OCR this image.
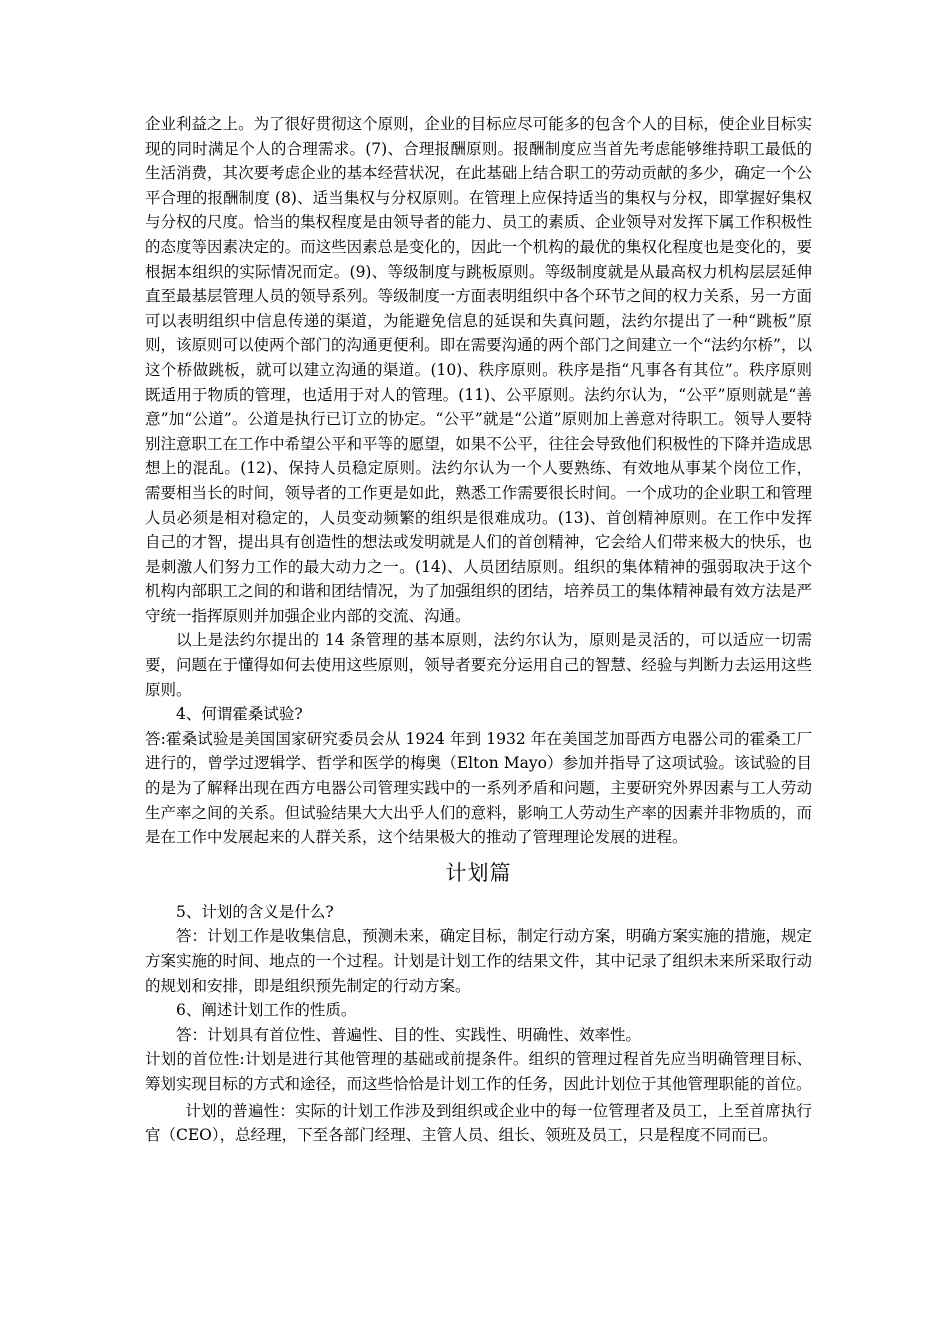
企业利益之上。为了很好贯彻这个原则，企业的目标应尽可能多的包含个人的目标，使企业目标实现的同时满足个人的合理需求。(7)、合理报酬原则。报酬制度应当首先考虑能够维持职工最低的生活消费，其次要考虑企业的基本经营状况，在此基础上结合职工的劳动贡献的多少，确定一个公平合理的报酬制度 (8)、适当集权与分权原则。在管理上应保持适当的集权与分权，即掌握好集权与分权的尺度。恰当的集权程度是由领导者的能力、员工的素质、企业领导对发挥下属工作积极性的态度等因素决定的。而这些因素总是变化的，因此一个机构的最优的集权化程度也是变化的，要根据本组织的实际情况而定。(9)、等级制度与跳板原则。等级制度就是从最高权力机构层层延伸直至最基层管理人员的领导系列。等级制度一方面表明组织中各个环节之间的权力关系，另一方面可以表明组织中信息传递的渠道，为能避免信息的延误和失真问题，法约尔提出了一种“跳板”原则，该原则可以使两个部门的沟通更便利。即在需要沟通的两个部门之间建立一个“法约尔桥”，以这个桥做跳板，就可以建立沟通的渠道。(10)、秩序原则。秩序是指“凡事各有其位”。秩序原则既适用于物质的管理，也适用于对人的管理。(11)、公平原则。法约尔认为，“公平”原则就是“善意”加“公道”。公道是执行已订立的协定。“公平”就是“公道”原则加上善意对待职工。领导人要特别注意职工在工作中希望公平和平等的愿望，如果不公平，往往会导致他们积极性的下降并造成思想上的混乱。(12)、保持人员稳定原则。法约尔认为一个人要熟练、有效地从事某个岗位工作，需要相当长的时间，领导者的工作更是如此，熟悉工作需要很长时间。一个成功的企业职工和管理人员必须是相对稳定的，人员变动频繁的组织是很难成功。(13)、首创精神原则。在工作中发挥自己的才智，提出具有创造性的想法或发明就是人们的首创精神，它会给人们带来极大的快乐，也是刺激人们努力工作的最大动力之一。(14)、人员团结原则。组织的集体精神的强弱取决于这个机构内部职工之间的和谐和团结情况，为了加强组织的团结，培养员工的集体精神最有效方法是严守统一指挥原则并加强企业内部的交流、沟通。

以上是法约尔提出的 14 条管理的基本原则，法约尔认为，原则是灵活的，可以适应一切需要，问题在于懂得如何去使用这些原则，领导者要充分运用自己的智慧、经验与判断力去运用这些原则。

4、何谓霍桑试验?

答:霍桑试验是美国国家研究委员会从 1924 年到 1932 年在美国芝加哥西方电器公司的霍桑工厂进行的，曾学过逻辑学、哲学和医学的梅奥（Elton Mayo）参加并指导了这项试验。该试验的目的是为了解释出现在西方电器公司管理实践中的一系列矛盾和问题，主要研究外界因素与工人劳动生产率之间的关系。但试验结果大大出乎人们的意料，影响工人劳动生产率的因素并非物质的，而是在工作中发展起来的人群关系，这个结果极大的推动了管理理论发展的进程。

计划篇

5、计划的含义是什么?

答：计划工作是收集信息，预测未来，确定目标，制定行动方案，明确方案实施的措施，规定方案实施的时间、地点的一个过程。计划是计划工作的结果文件，其中记录了组织未来所采取行动的规划和安排，即是组织预先制定的行动方案。

6、阐述计划工作的性质。

答：计划具有首位性、普遍性、目的性、实践性、明确性、效率性。

计划的首位性:计划是进行其他管理的基础或前提条件。组织的管理过程首先应当明确管理目标、筹划实现目标的方式和途径，而这些恰恰是计划工作的任务，因此计划位于其他管理职能的首位。

计划的普遍性：实际的计划工作涉及到组织或企业中的每一位管理者及员工，上至首席执行官（CEO），总经理，下至各部门经理、主管人员、组长、领班及员工，只是程度不同而已。
